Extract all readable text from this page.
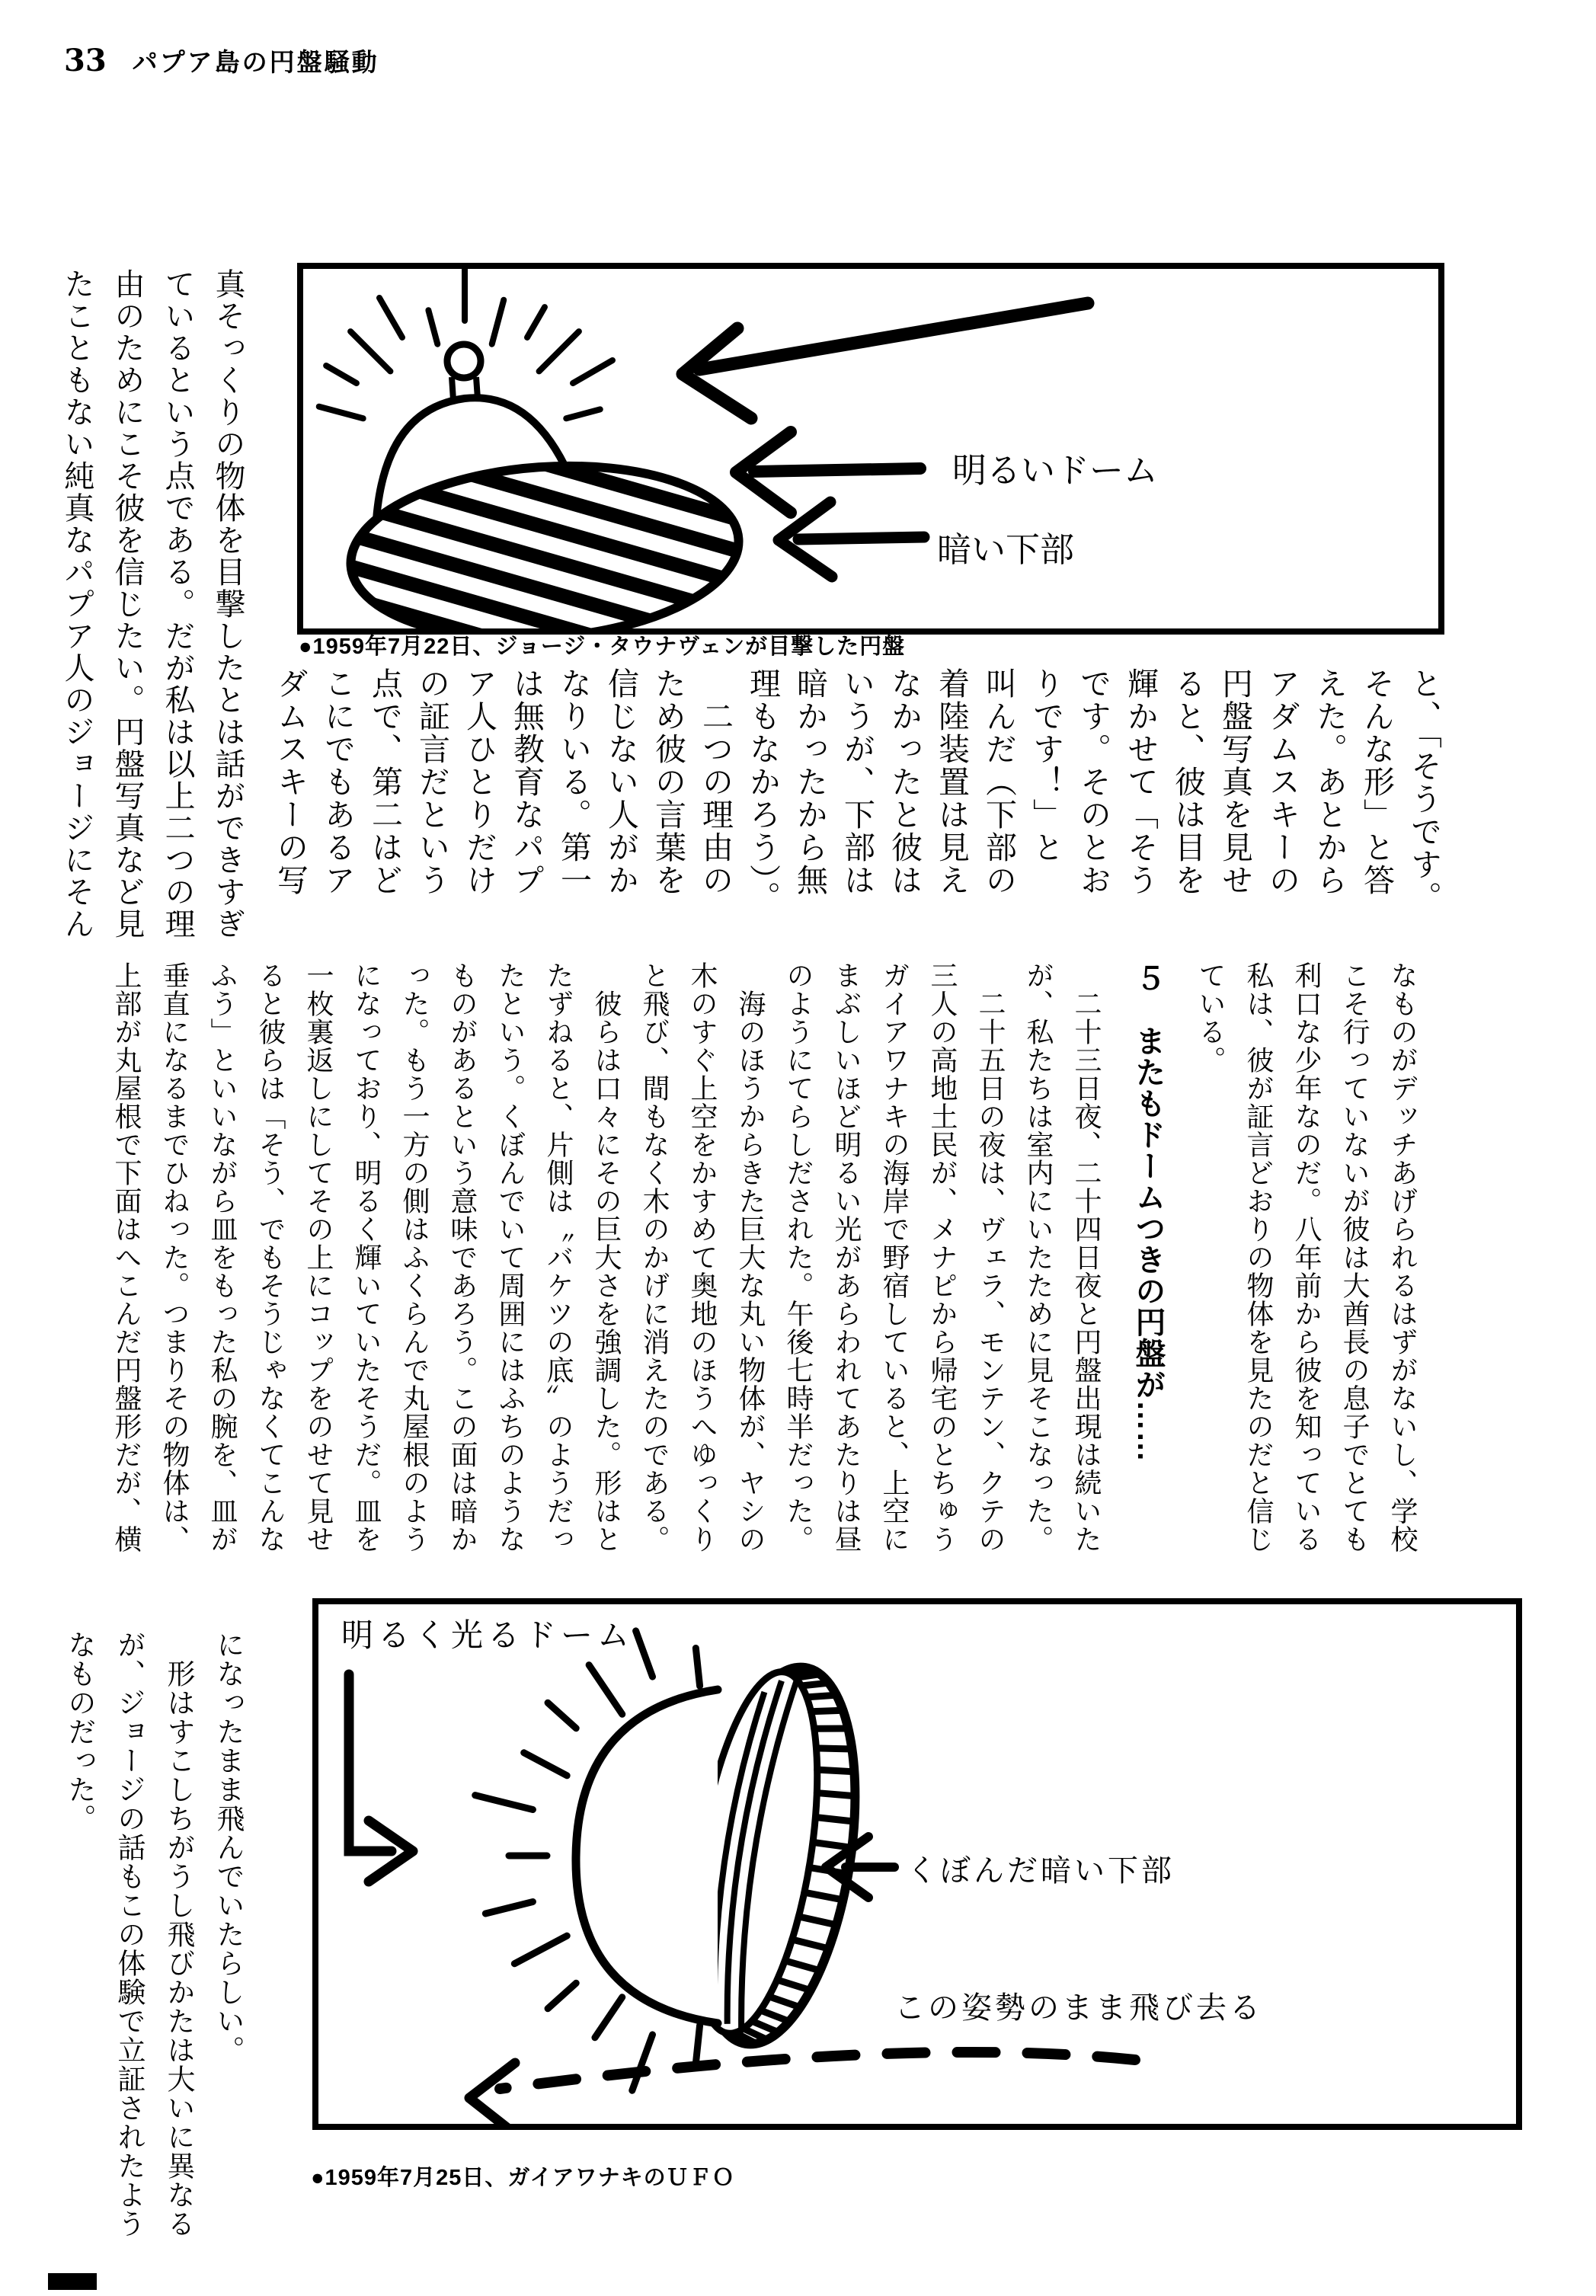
33 パプア島の円盤騒動
明るいドーム
暗い下部
●1959年7月22日、ジョージ・タウナヴェンが目撃した円盤

と、「そうです。

そんな形」と答

えた。あとから

アダムスキーの

円盤写真を見せ

ると、彼は目を

輝かせて「そう

です。そのとお

りです！」と

叫んだ（下部の

着陸装置は見え

なかったと彼は

いうが、下部は

暗かったから無

理もなかろう）。

　二つの理由の

ため彼の言葉を

信じない人がか

なりいる。第一

は無教育なパプ

ア人ひとりだけ

の証言だという

点で、第二はど

こにでもあるア

ダムスキーの写

真そっくりの物体を目撃したとは話ができすぎ

ているという点である。だが私は以上二つの理

由のためにこそ彼を信じたい。円盤写真など見

たこともない純真なパプア人のジョージにそん

なものがデッチあげられるはずがないし、学校

こそ行っていないが彼は大酋長の息子でとても

利口な少年なのだ。八年前から彼を知っている

私は、彼が証言どおりの物体を見たのだと信じ

ている。

５　またもドームつきの円盤が……

　二十三日夜、二十四日夜と円盤出現は続いた

が、私たちは室内にいたために見そこなった。

　二十五日の夜は、ヴェラ、モンテン、クテの

三人の高地土民が、メナピから帰宅のとちゅう

ガイアワナキの海岸で野宿していると、上空に

まぶしいほど明るい光があらわれてあたりは昼

のようにてらしだされた。午後七時半だった。

　海のほうからきた巨大な丸い物体が、ヤシの

木のすぐ上空をかすめて奥地のほうへゆっくり

と飛び、間もなく木のかげに消えたのである。

　彼らは口々にその巨大さを強調した。形はと

たずねると、片側は〝バケツの底〟のようだっ

たという。くぼんでいて周囲にはふちのような

ものがあるという意味であろう。この面は暗か

った。もう一方の側はふくらんで丸屋根のよう

になっており、明るく輝いていたそうだ。皿を

一枚裏返しにしてその上にコップをのせて見せ

ると彼らは「そう、でもそうじゃなくてこんな

ふう」といいながら皿をもった私の腕を、皿が

垂直になるまでひねった。つまりその物体は、

上部が丸屋根で下面はへこんだ円盤形だが、横

になったまま飛んでいたらしい。

　形はすこしちがうし飛びかたは大いに異なる

が、ジョージの話もこの体験で立証されたよう

なものだった。	明るく光るドーム
くぼんだ暗い下部
この姿勢のまま飛び去る
●1959年7月25日、ガイアワナキのＵＦＯ
